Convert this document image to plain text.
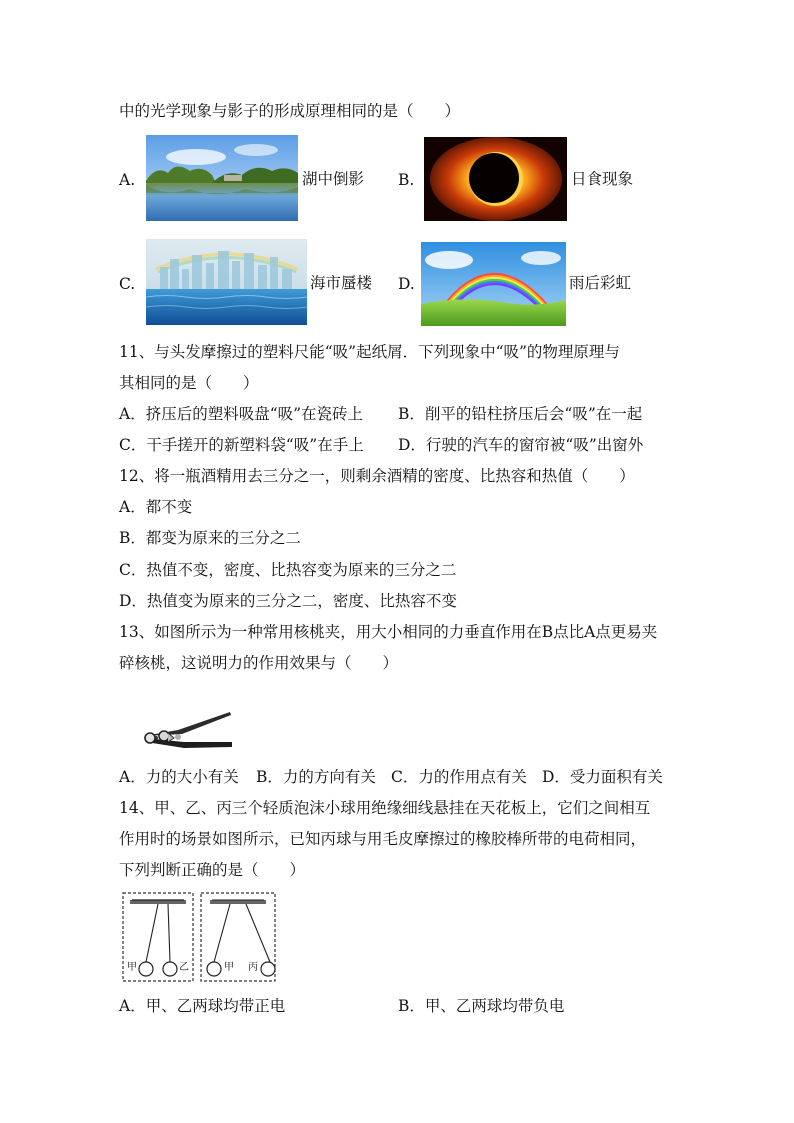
中的光学现象与影子的形成原理相同的是（　　）
A.	湖中倒影 B.	日食现象
C.	海市蜃楼 D.	雨后彩虹
11、与头发摩擦过的塑料尺能“吸”起纸屑．下列现象中“吸”的物理原理与
其相同的是（　　）
A．挤压后的塑料吸盘“吸”在瓷砖上 B．削平的铅柱挤压后会“吸”在一起
C．干手搓开的新塑料袋“吸”在手上 D．行驶的汽车的窗帘被“吸”出窗外
12、将一瓶酒精用去三分之一，则剩余酒精的密度、比热容和热值（　　）
A．都不变
B．都变为原来的三分之二
C．热值不变，密度、比热容变为原来的三分之二
D．热值变为原来的三分之二，密度、比热容不变
13、如图所示为一种常用核桃夹，用大小相同的力垂直作用在B点比A点更易夹
碎核桃，这说明力的作用效果与（　　）
A．力的大小有关 B．力的方向有关 C．力的作用点有关 D．受力面积有关
14、甲、乙、丙三个轻质泡沫小球用绝缘细线悬挂在天花板上，它们之间相互
作用时的场景如图所示，已知丙球与用毛皮摩擦过的橡胶棒所带的电荷相同，
下列判断正确的是（　　）
甲	乙	甲 丙
A．甲、乙两球均带正电	B．甲、乙两球均带负电
